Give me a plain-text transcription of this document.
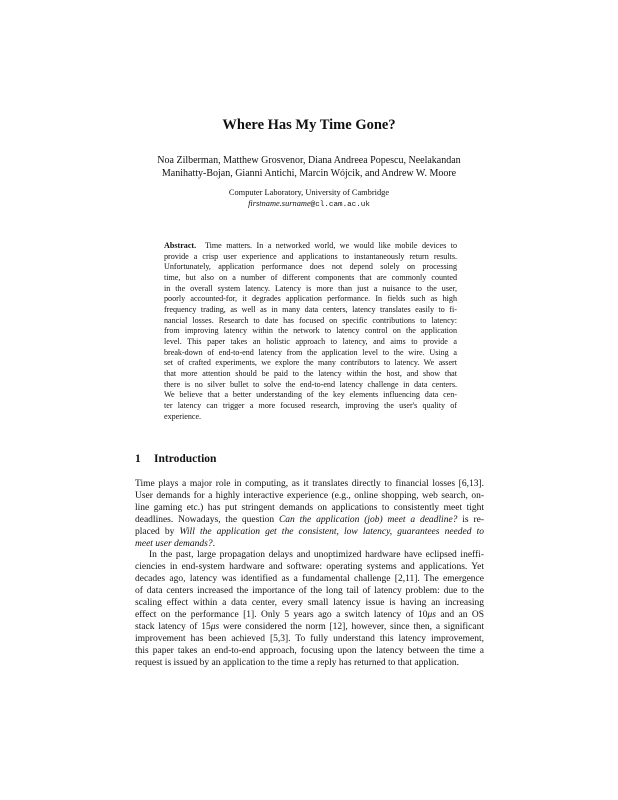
Where Has My Time Gone?
Noa Zilberman, Matthew Grosvenor, Diana Andreea Popescu, Neelakandan
Manihatty-Bojan, Gianni Antichi, Marcin Wójcik, and Andrew W. Moore
Computer Laboratory, University of Cambridge
firstname.surname@cl.cam.ac.uk
Abstract. Time matters. In a networked world, we would like mobile devices to
provide a crisp user experience and applications to instantaneously return results.
Unfortunately, application performance does not depend solely on processing
time, but also on a number of different components that are commonly counted
in the overall system latency. Latency is more than just a nuisance to the user,
poorly accounted-for, it degrades application performance. In fields such as high
frequency trading, as well as in many data centers, latency translates easily to fi-
nancial losses. Research to date has focused on specific contributions to latency:
from improving latency within the network to latency control on the application
level. This paper takes an holistic approach to latency, and aims to provide a
break-down of end-to-end latency from the application level to the wire. Using a
set of crafted experiments, we explore the many contributors to latency. We assert
that more attention should be paid to the latency within the host, and show that
there is no silver bullet to solve the end-to-end latency challenge in data centers.
We believe that a better understanding of the key elements influencing data cen-
ter latency can trigger a more focused research, improving the user's quality of
experience.
1 Introduction
Time plays a major role in computing, as it translates directly to financial losses [6,13].
User demands for a highly interactive experience (e.g., online shopping, web search, on-
line gaming etc.) has put stringent demands on applications to consistently meet tight
deadlines. Nowadays, the question Can the application (job) meet a deadline? is re-
placed by Will the application get the consistent, low latency, guarantees needed to
meet user demands?.
In the past, large propagation delays and unoptimized hardware have eclipsed ineffi-
ciencies in end-system hardware and software: operating systems and applications. Yet
decades ago, latency was identified as a fundamental challenge [2,11]. The emergence
of data centers increased the importance of the long tail of latency problem: due to the
scaling effect within a data center, every small latency issue is having an increasing
effect on the performance [1]. Only 5 years ago a switch latency of 10μs and an OS
stack latency of 15μs were considered the norm [12], however, since then, a significant
improvement has been achieved [5,3]. To fully understand this latency improvement,
this paper takes an end-to-end approach, focusing upon the latency between the time a
request is issued by an application to the time a reply has returned to that application.
